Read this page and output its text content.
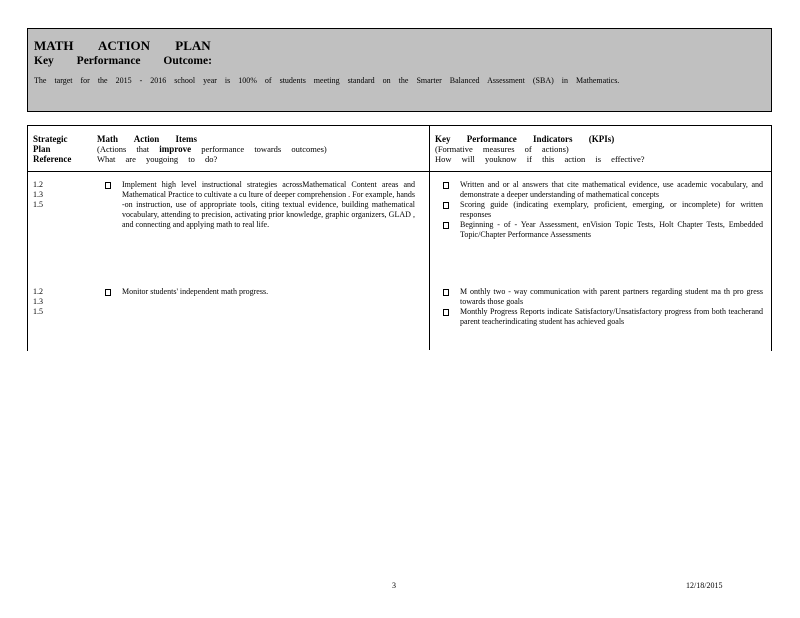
MATH ACTION PLAN
Key Performance Outcome:
The target for the 2015 - 2016 school year is 100% of students meeting standard on the Smarter Balanced Assessment (SBA) in Mathematics.
Strategic
Plan
Reference
Math Action Items
(Actions that improve performance towards outcomes)
What are yougoing to do?
Key Performance Indicators (KPIs)
(Formative measures of actions)
How will youknow if this action is effective?
1.2
1.3
1.5
Implement high level instructional strategies acrossMathematical Content areas and Mathematical Practice to cultivate a cu lture of deeper comprehension . For example, hands -on instruction, use of appropriate tools, citing textual evidence, building mathematical vocabulary, attending to precision, activating prior knowledge, graphic organizers, GLAD , and connecting and applying math to real life.
Written and or al answers that cite mathematical evidence, use academic vocabulary, and demonstrate a deeper understanding of mathematical concepts
Scoring guide (indicating exemplary, proficient, emerging, or incomplete) for written responses
Beginning - of - Year Assessment, enVision Topic Tests, Holt Chapter Tests, Embedded Topic/Chapter Performance Assessments
1.2
1.3
1.5
Monitor students' independent math progress.	M onthly two - way communication with parent partners regarding student ma th pro gress towards those goals
Monthly Progress Reports indicate Satisfactory/Unsatisfactory progress from both teacherand parent teacherindicating student has achieved goals
3	12/18/2015
